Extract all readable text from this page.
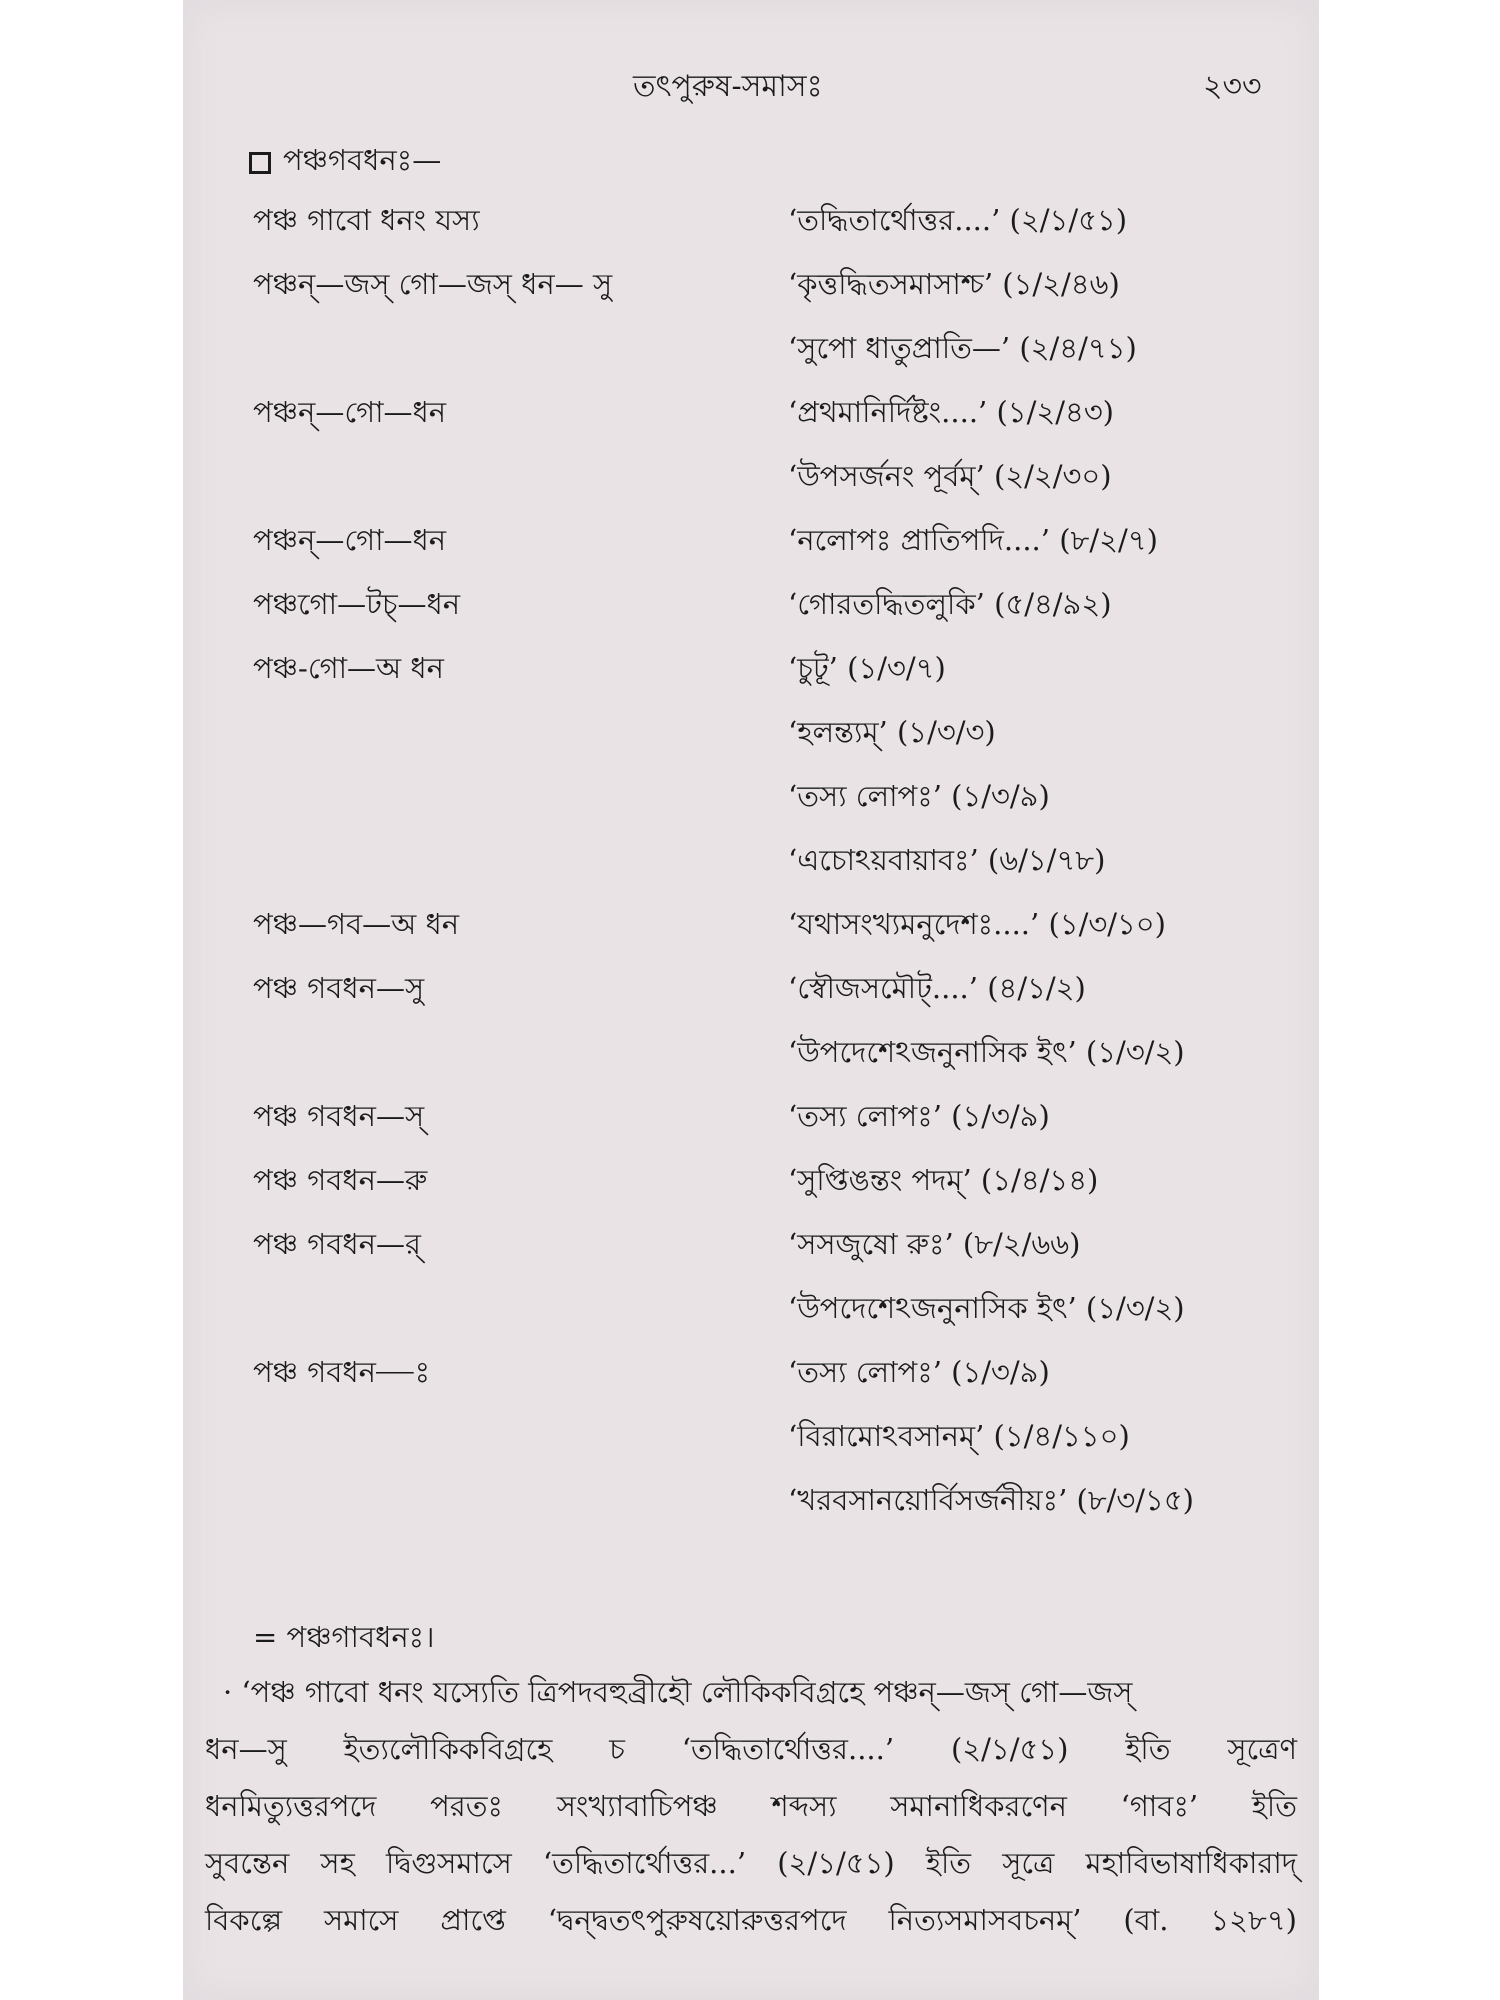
তৎপুরুষ-সমাসঃ	২৩৩
পঞ্চগবধনঃ—
পঞ্চ গাবো ধনং যস্য	‘তদ্ধিতার্থোত্তর....’ (২/১/৫১)
পঞ্চন্—জস্ গো—জস্ ধন— সু	‘কৃত্তদ্ধিতসমাসাশ্চ’ (১/২/৪৬)
‘সুপো ধাতুপ্রাতি—’ (২/৪/৭১)
পঞ্চন্—গো—ধন	‘প্রথমানির্দিষ্টং....’ (১/২/৪৩)
‘উপসর্জনং পূর্বম্’ (২/২/৩০)
পঞ্চন্—গো—ধন	‘নলোপঃ প্রাতিপদি....’ (৮/২/৭)
পঞ্চগো—টচ্—ধন	‘গোরতদ্ধিতলুকি’ (৫/৪/৯২)
পঞ্চ-গো—অ ধন	‘চুটূ’ (১/৩/৭)
‘হলন্ত্যম্’ (১/৩/৩)
‘তস্য লোপঃ’ (১/৩/৯)
‘এচোঽয়বায়াবঃ’ (৬/১/৭৮)
পঞ্চ—গব—অ ধন	‘যথাসংখ্যমনুদেশঃ....’ (১/৩/১০)
পঞ্চ গবধন—সু	‘স্বৌজসমৌট্....’ (৪/১/২)
‘উপদেশেঽজনুনাসিক ইৎ’ (১/৩/২)
পঞ্চ গবধন—স্	‘তস্য লোপঃ’ (১/৩/৯)
পঞ্চ গবধন—রু	‘সুপ্তিঙন্তং পদম্’ (১/৪/১৪)
পঞ্চ গবধন—র্	‘সসজুষো রুঃ’ (৮/২/৬৬)
‘উপদেশেঽজনুনাসিক ইৎ’ (১/৩/২)
পঞ্চ গবধন—ঃ	‘তস্য লোপঃ’ (১/৩/৯)
‘বিরামোঽবসানম্’ (১/৪/১১০)
‘খরবসানয়োর্বিসর্জনীয়ঃ’ (৮/৩/১৫)
= পঞ্চগাবধনঃ।
· ‘পঞ্চ গাবো ধনং যস্যেতি ত্রিপদবহুব্রীহৌ লৌকিকবিগ্রহে পঞ্চন্—জস্ গো—জস্
ধন—সু ইত্যলৌকিকবিগ্রহে চ ‘তদ্ধিতার্থোত্তর....’ (২/১/৫১) ইতি সূত্রেণ
ধনমিত্যুত্তরপদে পরতঃ সংখ্যাবাচিপঞ্চ শব্দস্য সমানাধিকরণেন ‘গাবঃ’ ইতি
সুবন্তেন সহ দ্বিগুসমাসে ‘তদ্ধিতার্থোত্তর...’ (২/১/৫১) ইতি সূত্রে মহাবিভাষাধিকারাদ্
বিকল্পে সমাসে প্রাপ্তে ‘দ্বন্দ্বতৎপুরুষয়োরুত্তরপদে নিত্যসমাসবচনম্’ (বা. ১২৮৭)
